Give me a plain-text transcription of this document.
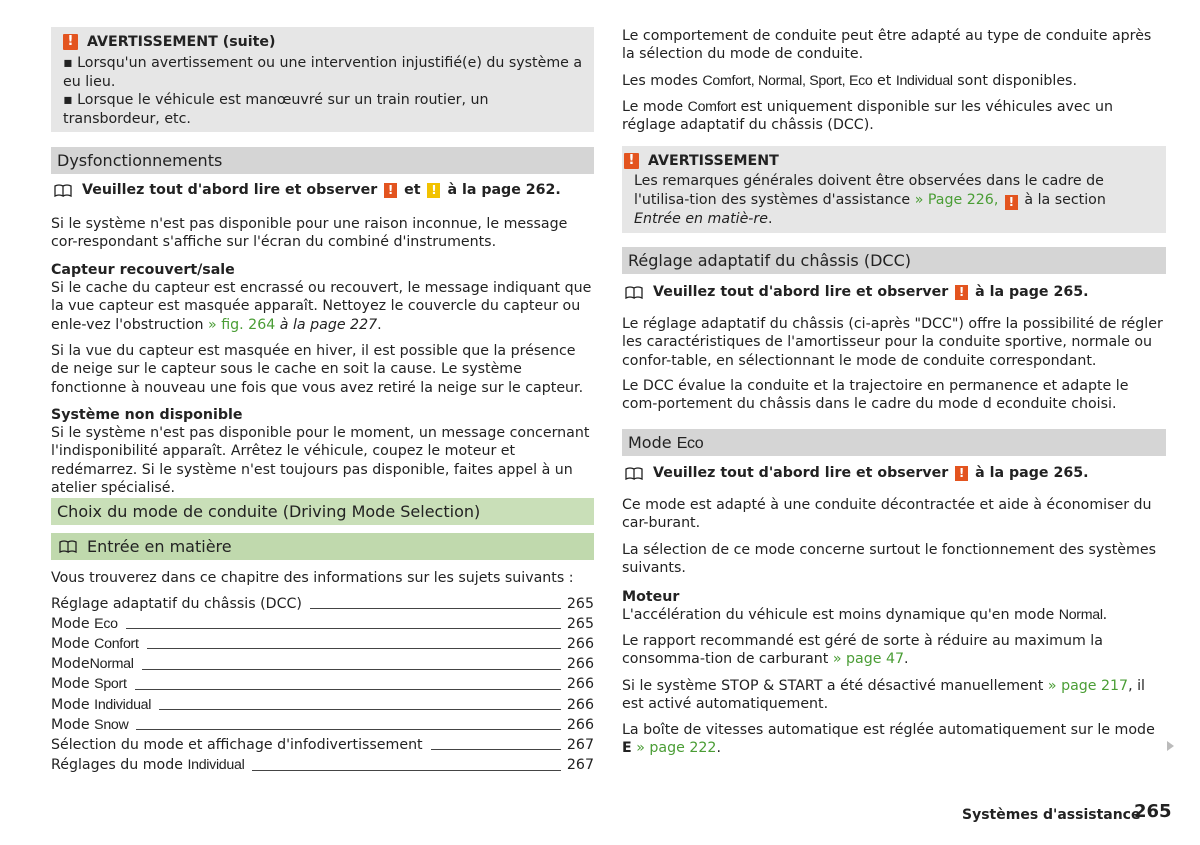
! AVERTISSEMENT (suite)

▪ Lorsqu'un avertissement ou une intervention injustifié(e) du système a eu lieu.

▪ Lorsque le véhicule est manœuvré sur un train routier, un transbordeur, etc.

Dysfonctionnements
Veuillez tout d'abord lire et observer
!
et
!
à la page 262.

Si le système n'est pas disponible pour une raison inconnue, le message cor-respondant s'affiche sur l'écran du combiné d'instruments.

Capteur recouvert/sale

Si le cache du capteur est encrassé ou recouvert, le message indiquant que la vue capteur est masquée apparaît. Nettoyez le couvercle du capteur ou enle-vez l'obstruction » fig. 264 à la page 227.

Si la vue du capteur est masquée en hiver, il est possible que la présence de neige sur le capteur sous le cache en soit la cause. Le système fonctionne à nouveau une fois que vous avez retiré la neige sur le capteur.

Système non disponible

Si le système n'est pas disponible pour le moment, un message concernant l'indisponibilité apparaît. Arrêtez le véhicule, coupez le moteur et redémarrez. Si le système n'est toujours pas disponible, faites appel à un atelier spécialisé.

Choix du mode de conduite (Driving Mode Selection)
Entrée en matière

Vous trouverez dans ce chapitre des informations sur les sujets suivants :

Réglage adaptatif du châssis (DCC)	265
Mode Eco	265
Mode Confort	266
ModeNormal	266
Mode Sport	266
Mode Individual	266
Mode Snow	266
Sélection du mode et affichage d'infodivertissement	267
Réglages du mode Individual	267

Le comportement de conduite peut être adapté au type de conduite après la sélection du mode de conduite.

Les modes Comfort, Normal, Sport, Eco et Individual sont disponibles.

Le mode Comfort est uniquement disponible sur les véhicules avec un réglage adaptatif du châssis (DCC).

! AVERTISSEMENT

Les remarques générales doivent être observées dans le cadre de l'utilisa-tion des systèmes d'assistance » Page 226, ! à la section Entrée en matiè-re.

Réglage adaptatif du châssis (DCC)
Veuillez tout d'abord lire et observer
!
à la page 265.

Le réglage adaptatif du châssis (ci-après "DCC") offre la possibilité de régler les caractéristiques de l'amortisseur pour la conduite sportive, normale ou confor-table, en sélectionnant le mode de conduite correspondant.

Le DCC évalue la conduite et la trajectoire en permanence et adapte le com-portement du châssis dans le cadre du mode d econduite choisi.

Mode Eco
Veuillez tout d'abord lire et observer
!
à la page 265.

Ce mode est adapté à une conduite décontractée et aide à économiser du car-burant.

La sélection de ce mode concerne surtout le fonctionnement des systèmes suivants.

Moteur

L'accélération du véhicule est moins dynamique qu'en mode Normal.

Le rapport recommandé est géré de sorte à réduire au maximum la consomma-tion de carburant » page 47.

Si le système STOP & START a été désactivé manuellement » page 217, il est activé automatiquement.

La boîte de vitesses automatique est réglée automatiquement sur le mode E » page 222.

Systèmes d'assistance
265
